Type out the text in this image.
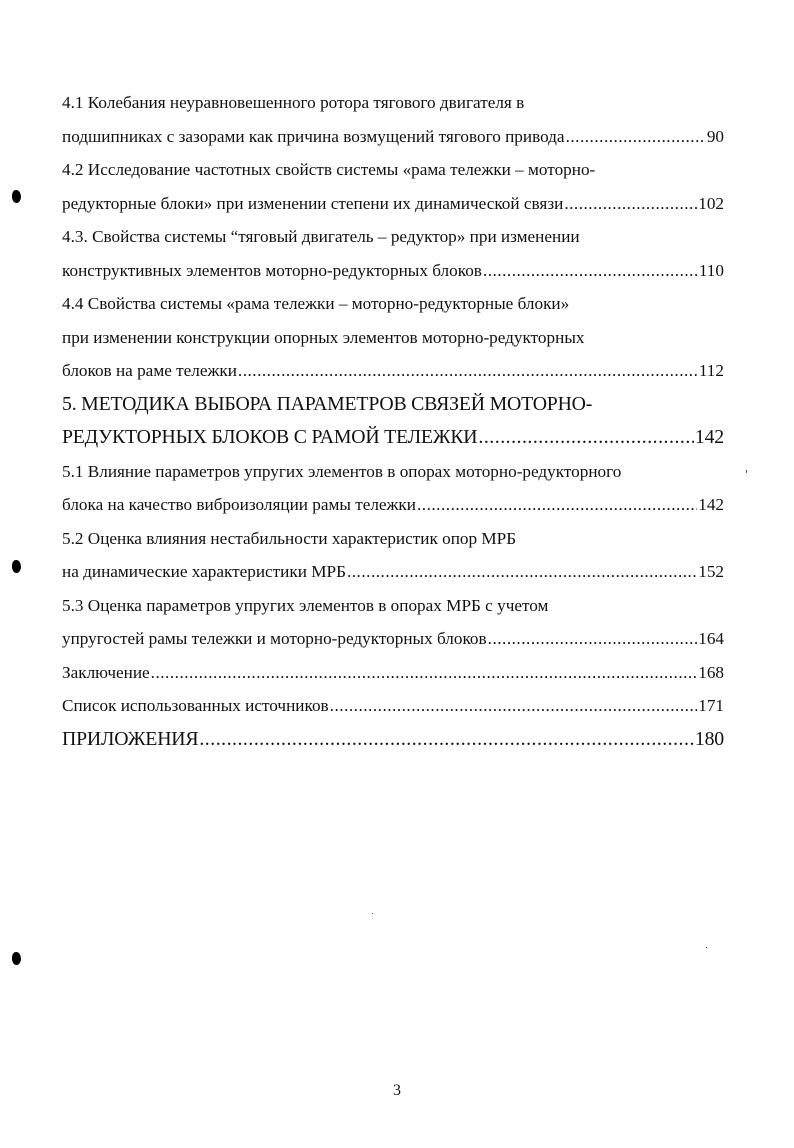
4.1 Колебания неуравновешенного ротора тягового двигателя в
подшипниках с зазорами как причина возмущений тягового привода .....	90
4.2 Исследование частотных свойств системы «рама тележки – моторно-
редукторные блоки» при изменении степени их динамической связи .....	102
4.3. Свойства системы “тяговый двигатель – редуктор» при изменении
конструктивных элементов моторно-редукторных блоков .....	110
4.4 Свойства системы «рама тележки – моторно-редукторные блоки»
при изменении конструкции опорных элементов моторно-редукторных
блоков на раме тележки .....	112
5. МЕТОДИКА ВЫБОРА ПАРАМЕТРОВ СВЯЗЕЙ МОТОРНО-
РЕДУКТОРНЫХ БЛОКОВ С РАМОЙ ТЕЛЕЖКИ .....	142
5.1 Влияние параметров упругих элементов в опорах моторно-редукторного
блока на качество виброизоляции рамы тележки .....	142
5.2 Оценка влияния нестабильности характеристик опор МРБ
на динамические характеристики МРБ .....	152
5.3 Оценка параметров упругих элементов в опорах МРБ с учетом
упругостей рамы тележки и моторно-редукторных блоков .....	164
Заключение .....	168
Список использованных источников .....	171
ПРИЛОЖЕНИЯ .....	180
3
